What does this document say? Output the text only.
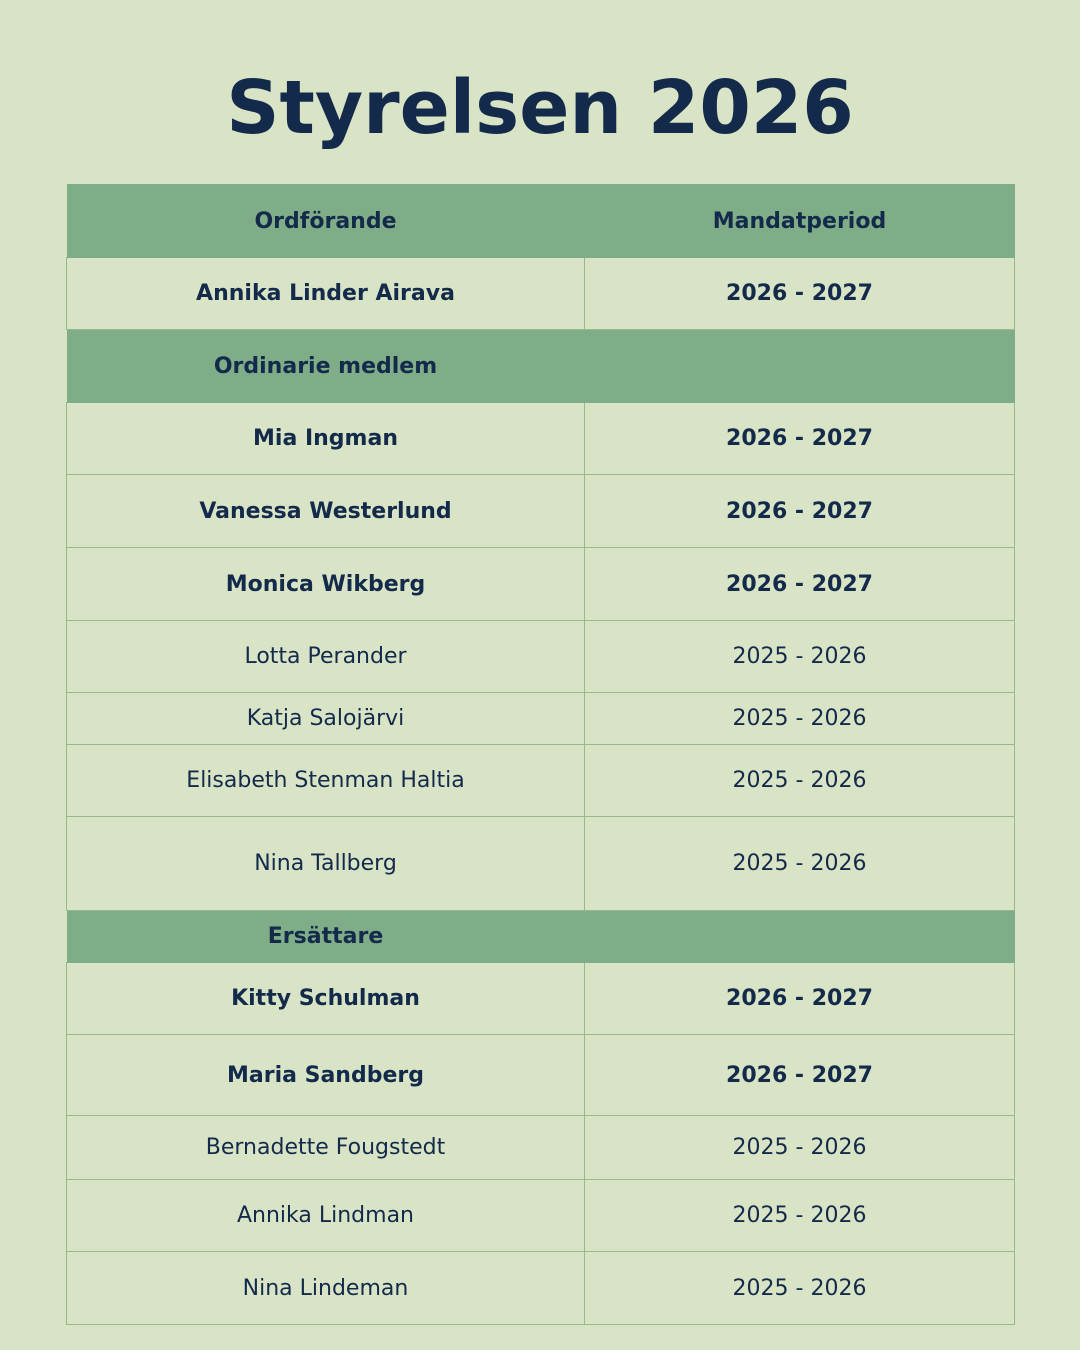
Styrelsen 2026
Ordförande	Mandatperiod
Annika Linder Airava	2026 - 2027
Ordinarie medlem	
Mia Ingman	2026 - 2027
Vanessa Westerlund	2026 - 2027
Monica Wikberg	2026 - 2027
Lotta Perander	2025 - 2026
Katja Salojärvi	2025 - 2026
Elisabeth Stenman Haltia	2025 - 2026
Nina Tallberg	2025 - 2026
Ersättare	
Kitty Schulman	2026 - 2027
Maria Sandberg	2026 - 2027
Bernadette Fougstedt	2025 - 2026
Annika Lindman	2025 - 2026
Nina Lindeman	2025 - 2026
